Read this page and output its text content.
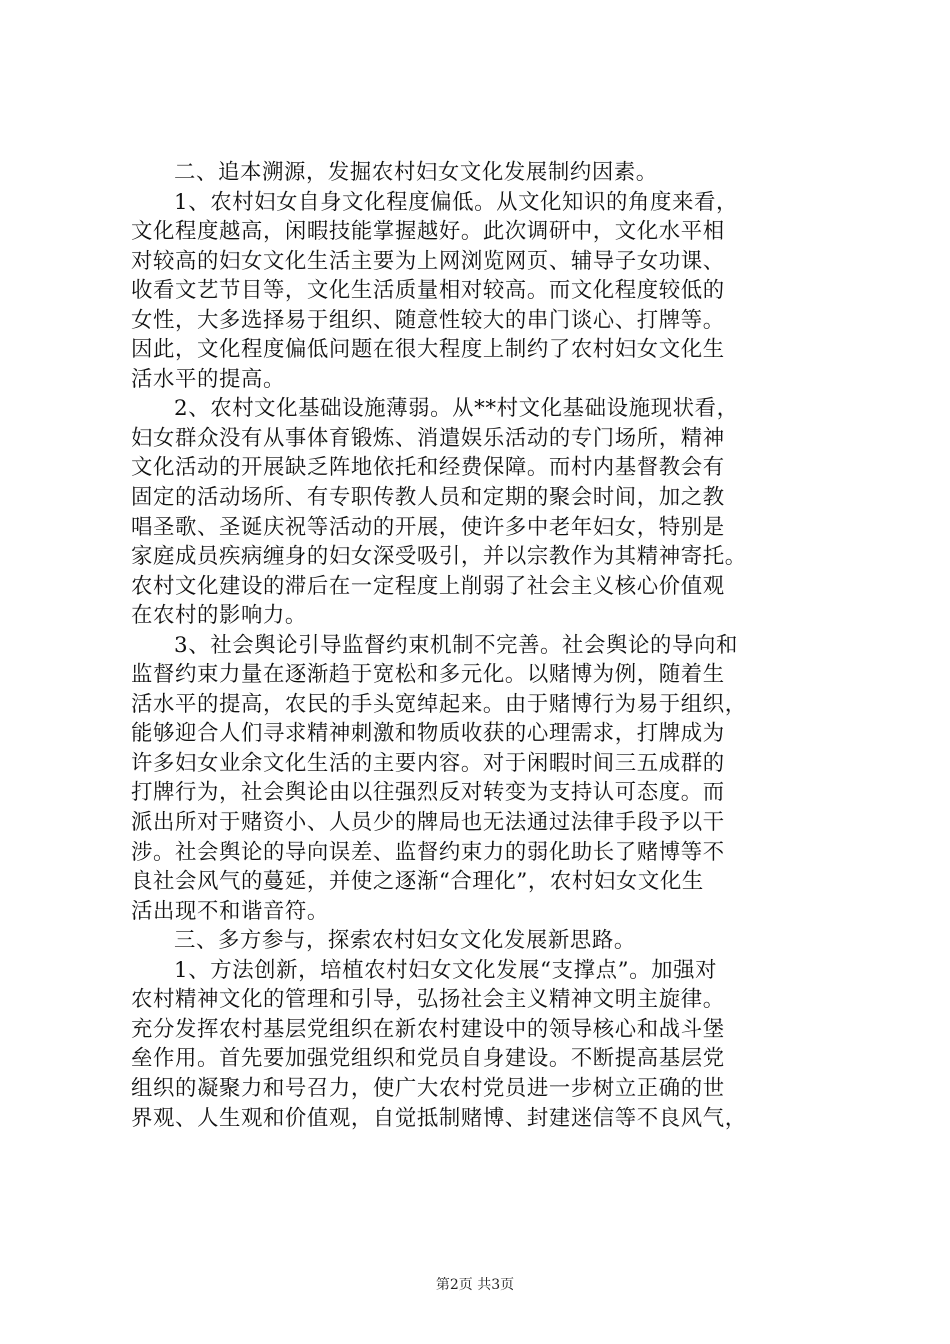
二、追本溯源，发掘农村妇女文化发展制约因素。
1、农村妇女自身文化程度偏低。从文化知识的角度来看，
文化程度越高，闲暇技能掌握越好。此次调研中，文化水平相
对较高的妇女文化生活主要为上网浏览网页、辅导子女功课、
收看文艺节目等，文化生活质量相对较高。而文化程度较低的
女性，大多选择易于组织、随意性较大的串门谈心、打牌等。
因此，文化程度偏低问题在很大程度上制约了农村妇女文化生
活水平的提高。
2、农村文化基础设施薄弱。从**村文化基础设施现状看，
妇女群众没有从事体育锻炼、消遣娱乐活动的专门场所，精神
文化活动的开展缺乏阵地依托和经费保障。而村内基督教会有
固定的活动场所、有专职传教人员和定期的聚会时间，加之教
唱圣歌、圣诞庆祝等活动的开展，使许多中老年妇女，特别是
家庭成员疾病缠身的妇女深受吸引，并以宗教作为其精神寄托。
农村文化建设的滞后在一定程度上削弱了社会主义核心价值观
在农村的影响力。
3、社会舆论引导监督约束机制不完善。社会舆论的导向和
监督约束力量在逐渐趋于宽松和多元化。以赌博为例，随着生
活水平的提高，农民的手头宽绰起来。由于赌博行为易于组织，
能够迎合人们寻求精神刺激和物质收获的心理需求，打牌成为
许多妇女业余文化生活的主要内容。对于闲暇时间三五成群的
打牌行为，社会舆论由以往强烈反对转变为支持认可态度。而
派出所对于赌资小、人员少的牌局也无法通过法律手段予以干
涉。社会舆论的导向误差、监督约束力的弱化助长了赌博等不
良社会风气的蔓延，并使之逐渐“合理化”，农村妇女文化生
活出现不和谐音符。
三、多方参与，探索农村妇女文化发展新思路。
1、方法创新，培植农村妇女文化发展“支撑点”。加强对
农村精神文化的管理和引导，弘扬社会主义精神文明主旋律。
充分发挥农村基层党组织在新农村建设中的领导核心和战斗堡
垒作用。首先要加强党组织和党员自身建设。不断提高基层党
组织的凝聚力和号召力，使广大农村党员进一步树立正确的世
界观、人生观和价值观，自觉抵制赌博、封建迷信等不良风气，
第2页 共3页
